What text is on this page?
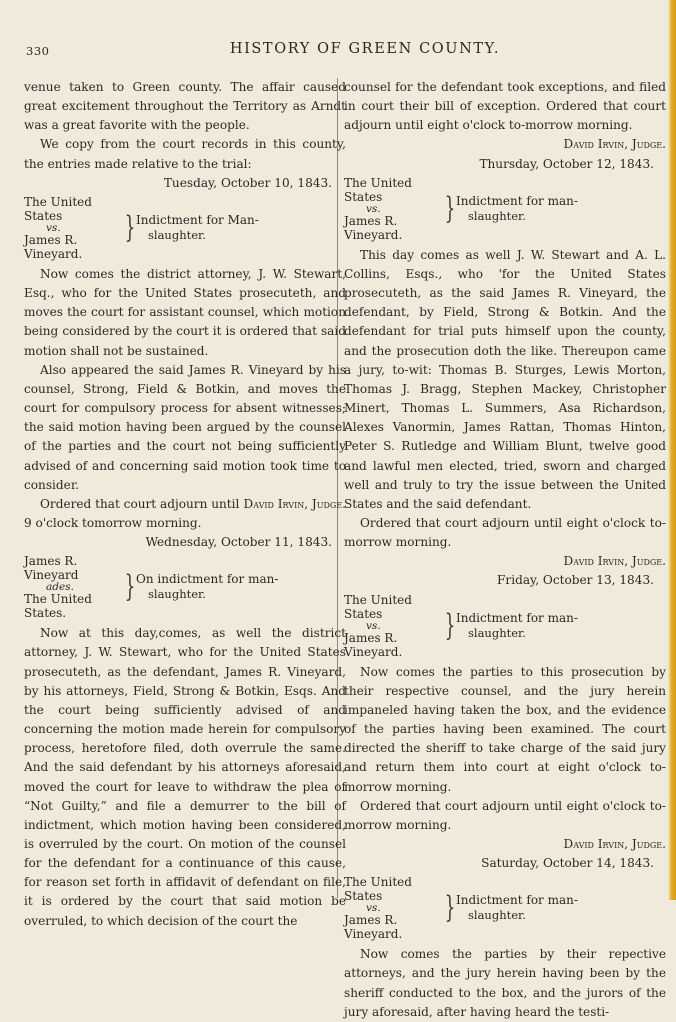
330	HISTORY OF GREEN COUNTY.

venue taken to Green county. The affair caused great excitement throughout the Territory as Arndt was a great favorite with the people.

We copy from the court records in this county, the entries made relative to the trial:

Tuesday, October 10, 1843.

The United States
vs.
James R. Vineyard.
} Indictment for Man-
slaughter.

Now comes the district attorney, J. W. Stewart, Esq., who for the United States prosecuteth, and moves the court for assistant counsel, which motion being considered by the court it is ordered that said motion shall not be sustained.

Also appeared the said James R. Vineyard by his counsel, Strong, Field & Botkin, and moves the court for compulsory process for absent witnesses; the said motion having been argued by the counsel of the parties and the court not being sufficiently advised of and concerning said motion took time to consider.

David Irvin, Judge.

Ordered that court adjourn until 9 o'clock tomorrow morning.

Wednesday, October 11, 1843.

James R. Vineyard
ades.
The United States.
} On indictment for man-
slaughter.

Now at this day,comes, as well the district attorney, J. W. Stewart, who for the United States prosecuteth, as the defendant, James R. Vineyard, by his attorneys, Field, Strong & Botkin, Esqs. And the court being sufficiently advised of and concerning the motion made herein for compulsory process, heretofore filed, doth overrule the same. And the said defendant by his attorneys aforesaid, moved the court for leave to withdraw the plea of “Not Guilty,” and file a demurrer to the bill of indictment, which motion having been considered, is overruled by the court. On motion of the counsel for the defendant for a continuance of this cause, for reason set forth in affidavit of defendant on file, it is ordered by the court that said motion be overruled, to which decision of the court the

counsel for the defendant took exceptions, and filed in court their bill of exception. Ordered that court adjourn until eight o'clock to-morrow morning.

David Irvin, Judge.

Thursday, October 12, 1843.

The United States
vs.
James R. Vineyard.
} Indictment for man-
slaughter.

This day comes as well J. W. Stewart and A. L. Collins, Esqs., who 'for the United States prosecuteth, as the said James R. Vineyard, the defendant, by Field, Strong & Botkin. And the defendant for trial puts himself upon the county, and the prosecution doth the like. Thereupon came a jury, to-wit: Thomas B. Sturges, Lewis Morton, Thomas J. Bragg, Stephen Mackey, Christopher Minert, Thomas L. Summers, Asa Richardson, Alexes Vanormin, James Rattan, Thomas Hinton, Peter S. Rutledge and William Blunt, twelve good and lawful men elected, tried, sworn and charged well and truly to try the issue between the United States and the said defendant.

Ordered that court adjourn until eight o'clock to-morrow morning.

David Irvin, Judge.

Friday, October 13, 1843.

The United States
vs.
James R. Vineyard.
} Indictment for man-
slaughter.

Now comes the parties to this prosecution by their respective counsel, and the jury herein impaneled having taken the box, and the evidence of the parties having been examined. The court directed the sheriff to take charge of the said jury and return them into court at eight o'clock to-morrow morning.

Ordered that court adjourn until eight o'clock to-morrow morning.

David Irvin, Judge.

Saturday, October 14, 1843.

The United States
vs.
James R. Vineyard.
} Indictment for man-
slaughter.

Now comes the parties by their repective attorneys, and the jury herein having been by the sheriff conducted to the box, and the jurors of the jury aforesaid, after having heard the testi-
